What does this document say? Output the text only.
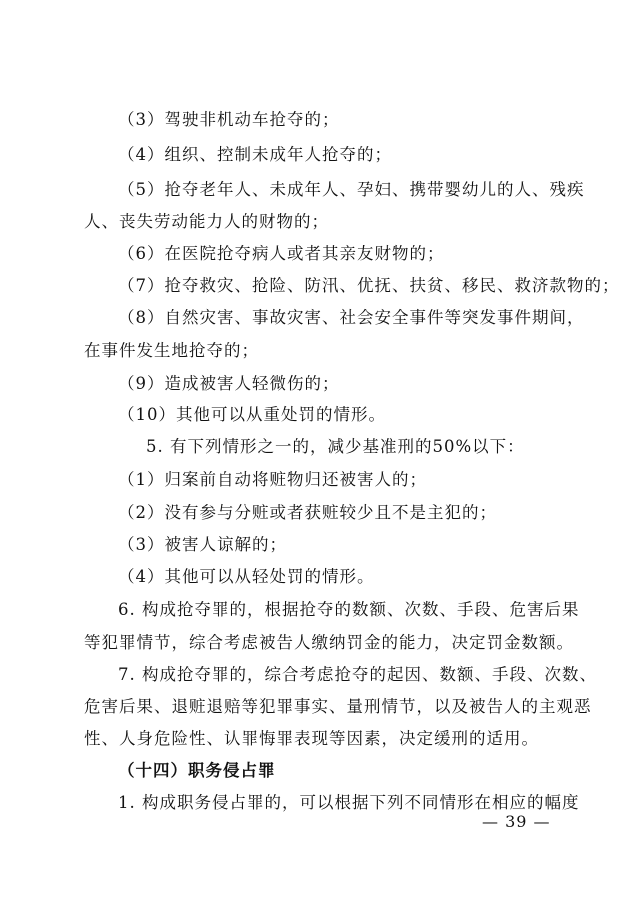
（3）驾驶非机动车抢夺的；
（4）组织、控制未成年人抢夺的；
（5）抢夺老年人、未成年人、孕妇、携带婴幼儿的人、残疾
人、丧失劳动能力人的财物的；
（6）在医院抢夺病人或者其亲友财物的；
（7）抢夺救灾、抢险、防汛、优抚、扶贫、移民、救济款物的；
（8）自然灾害、事故灾害、社会安全事件等突发事件期间，
在事件发生地抢夺的；
（9）造成被害人轻微伤的；
（10）其他可以从重处罚的情形。
5. 有下列情形之一的，减少基准刑的50%以下：
（1）归案前自动将赃物归还被害人的；
（2）没有参与分赃或者获赃较少且不是主犯的；
（3）被害人谅解的；
（4）其他可以从轻处罚的情形。
6. 构成抢夺罪的，根据抢夺的数额、次数、手段、危害后果
等犯罪情节，综合考虑被告人缴纳罚金的能力，决定罚金数额。
7. 构成抢夺罪的，综合考虑抢夺的起因、数额、手段、次数、
危害后果、退赃退赔等犯罪事实、量刑情节，以及被告人的主观恶
性、人身危险性、认罪悔罪表现等因素，决定缓刑的适用。
（十四）职务侵占罪
1. 构成职务侵占罪的，可以根据下列不同情形在相应的幅度
— 39 —
